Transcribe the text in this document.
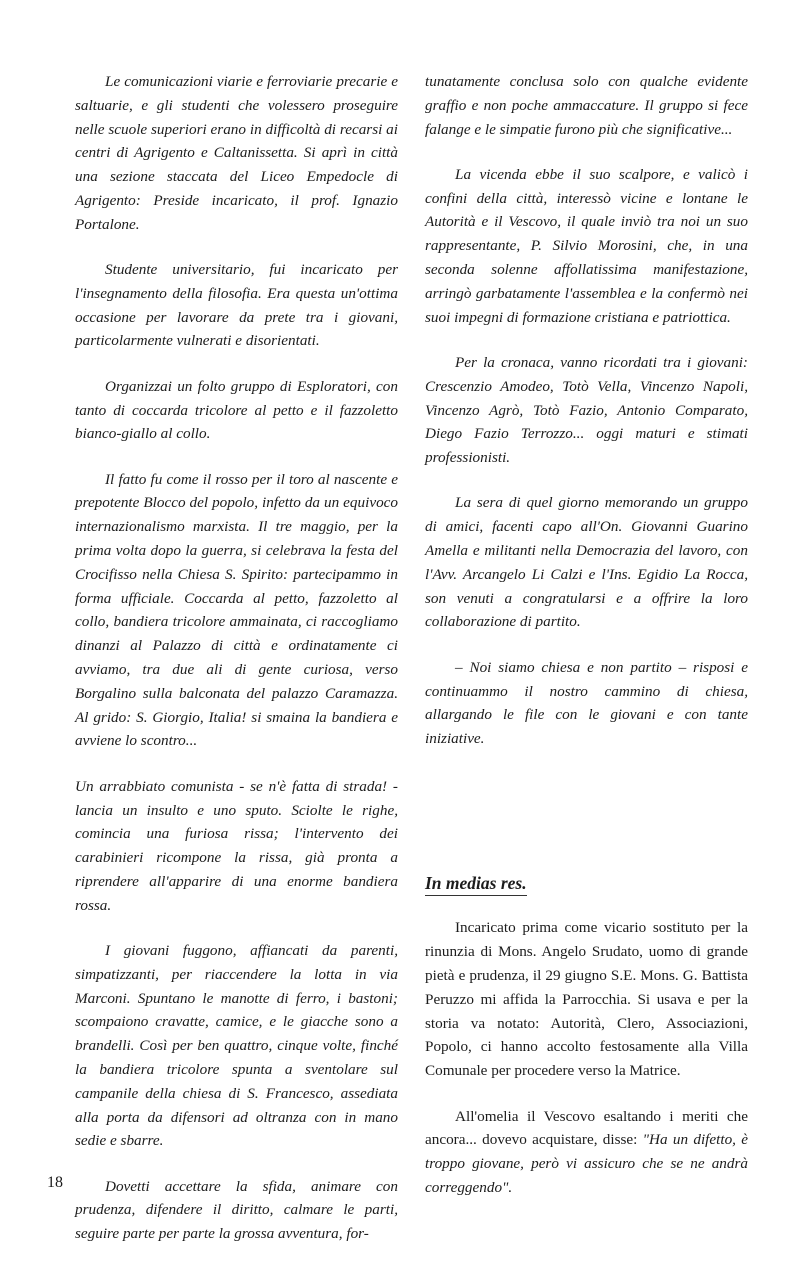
Le comunicazioni viarie e ferroviarie precarie e saltuarie, e gli studenti che volessero proseguire nelle scuole superiori erano in difficoltà di recarsi ai centri di Agrigento e Caltanissetta. Si aprì in città una sezione staccata del Liceo Empedocle di Agrigento: Preside incaricato, il prof. Ignazio Portalone.

Studente universitario, fui incaricato per l'insegnamento della filosofia. Era questa un'ottima occasione per lavorare da prete tra i giovani, particolarmente vulnerati e disorientati.

Organizzai un folto gruppo di Esploratori, con tanto di coccarda tricolore al petto e il fazzoletto bianco-giallo al collo.

Il fatto fu come il rosso per il toro al nascente e prepotente Blocco del popolo, infetto da un equivoco internazionalismo marxista. Il tre maggio, per la prima volta dopo la guerra, si celebrava la festa del Crocifisso nella Chiesa S. Spirito: partecipammo in forma ufficiale. Coccarda al petto, fazzoletto al collo, bandiera tricolore ammainata, ci raccogliamo dinanzi al Palazzo di città e ordinatamente ci avviamo, tra due ali di gente curiosa, verso Borgalino sulla balconata del palazzo Caramazza. Al grido: S. Giorgio, Italia! si smaina la bandiera e avviene lo scontro...

Un arrabbiato comunista - se n'è fatta di strada! - lancia un insulto e uno sputo. Sciolte le righe, comincia una furiosa rissa; l'intervento dei carabinieri ricompone la rissa, già pronta a riprendere all'apparire di una enorme bandiera rossa.

I giovani fuggono, affiancati da parenti, simpatizzanti, per riaccendere la lotta in via Marconi. Spuntano le manotte di ferro, i bastoni; scompaiono cravatte, camice, e le giacche sono a brandelli. Così per ben quattro, cinque volte, finché la bandiera tricolore spunta a sventolare sul campanile della chiesa di S. Francesco, assediata alla porta da difensori ad oltranza con in mano sedie e sbarre.

Dovetti accettare la sfida, animare con prudenza, difendere il diritto, calmare le parti, seguire parte per parte la grossa avventura, for-

tunatamente conclusa solo con qualche evidente graffio e non poche ammaccature. Il gruppo si fece falange e le simpatie furono più che significative...

La vicenda ebbe il suo scalpore, e valicò i confini della città, interessò vicine e lontane le Autorità e il Vescovo, il quale inviò tra noi un suo rappresentante, P. Silvio Morosini, che, in una seconda solenne affollatissima manifestazione, arringò garbatamente l'assemblea e la confermò nei suoi impegni di formazione cristiana e patriottica.

Per la cronaca, vanno ricordati tra i giovani: Crescenzio Amodeo, Totò Vella, Vincenzo Napoli, Vincenzo Agrò, Totò Fazio, Antonio Comparato, Diego Fazio Terrozzo... oggi maturi e stimati professionisti.

La sera di quel giorno memorando un gruppo di amici, facenti capo all'On. Giovanni Guarino Amella e militanti nella Democrazia del lavoro, con l'Avv. Arcangelo Li Calzi e l'Ins. Egidio La Rocca, son venuti a congratularsi e a offrire la loro collaborazione di partito.

– Noi siamo chiesa e non partito – risposi e continuammo il nostro cammino di chiesa, allargando le file con le giovani e con tante iniziative.

In medias res.

Incaricato prima come vicario sostituto per la rinunzia di Mons. Angelo Srudato, uomo di grande pietà e prudenza, il 29 giugno S.E. Mons. G. Battista Peruzzo mi affida la Parrocchia. Si usava e per la storia va notato: Autorità, Clero, Associazioni, Popolo, ci hanno accolto festosamente alla Villa Comunale per procedere verso la Matrice.

All'omelia il Vescovo esaltando i meriti che ancora... dovevo acquistare, disse: "Ha un difetto, è troppo giovane, però vi assicuro che se ne andrà correggendo".

18
